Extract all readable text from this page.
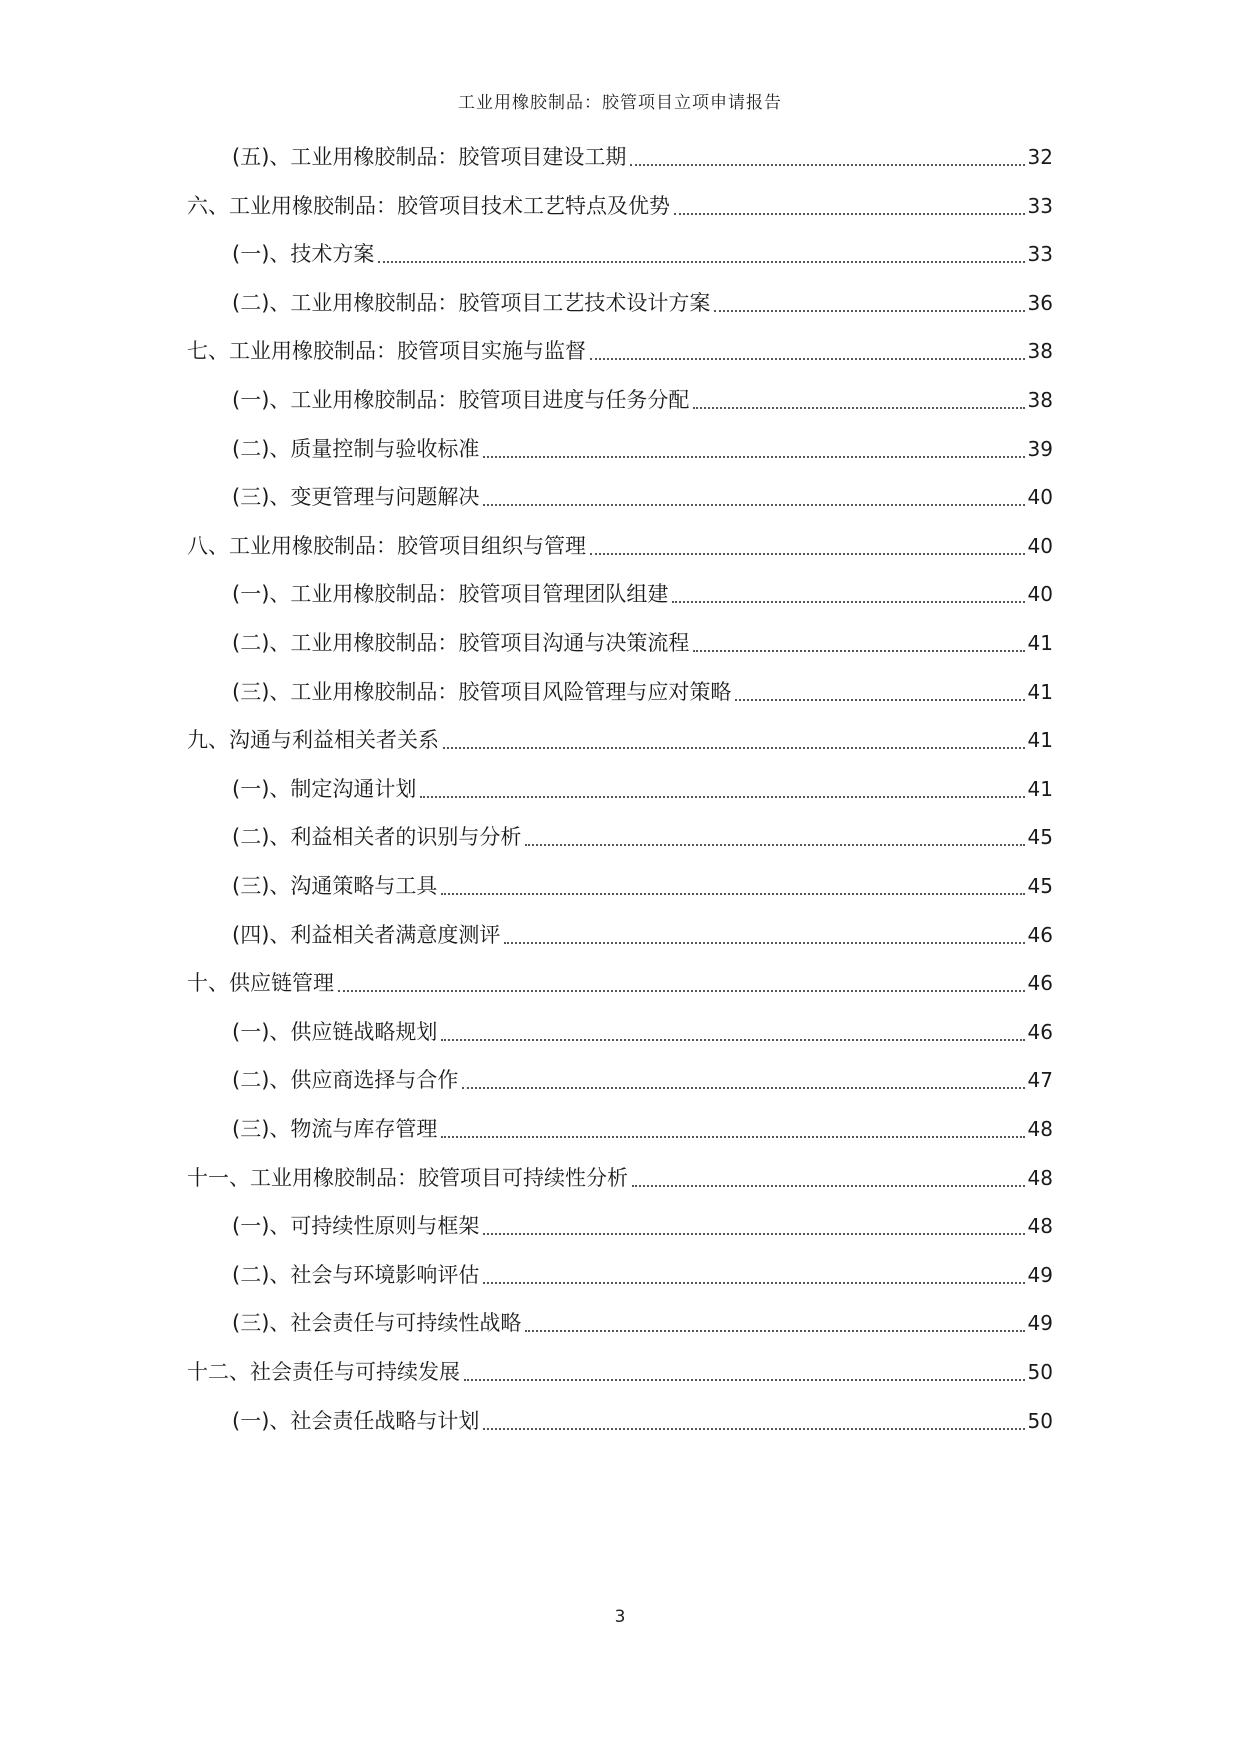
工业用橡胶制品：胶管项目立项申请报告
(五)、工业用橡胶制品：胶管项目建设工期	32
六、工业用橡胶制品：胶管项目技术工艺特点及优势	33
(一)、技术方案	33
(二)、工业用橡胶制品：胶管项目工艺技术设计方案	36
七、工业用橡胶制品：胶管项目实施与监督	38
(一)、工业用橡胶制品：胶管项目进度与任务分配	38
(二)、质量控制与验收标准	39
(三)、变更管理与问题解决	40
八、工业用橡胶制品：胶管项目组织与管理	40
(一)、工业用橡胶制品：胶管项目管理团队组建	40
(二)、工业用橡胶制品：胶管项目沟通与决策流程	41
(三)、工业用橡胶制品：胶管项目风险管理与应对策略	41
九、沟通与利益相关者关系	41
(一)、制定沟通计划	41
(二)、利益相关者的识别与分析	45
(三)、沟通策略与工具	45
(四)、利益相关者满意度测评	46
十、供应链管理	46
(一)、供应链战略规划	46
(二)、供应商选择与合作	47
(三)、物流与库存管理	48
十一、工业用橡胶制品：胶管项目可持续性分析	48
(一)、可持续性原则与框架	48
(二)、社会与环境影响评估	49
(三)、社会责任与可持续性战略	49
十二、社会责任与可持续发展	50
(一)、社会责任战略与计划	50
3
